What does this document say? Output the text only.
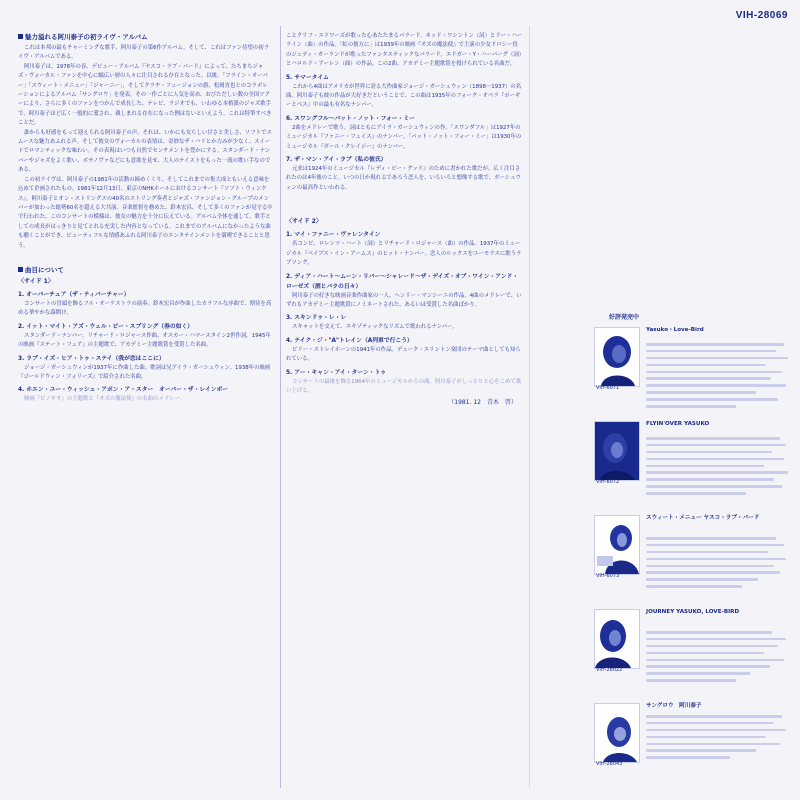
VIH-28069
魅力溢れる阿川泰子の初ライヴ・アルバム

これは本邦の最もチャーミングな歌手、阿川泰子の第6作アルバム。そして、これはファン待望の初ライヴ・アルバムである。

阿川泰子は、1978年の春、デビュー・アルバム『ヤスコ・ラブ・バード』によって、たちまちジャズ・ヴォーカル・ファンを中心に幅広い層の人々に注目される存在となった。以後、「フライン・オーバー」「スウィート・メニュー」「ジャーニー」、そしてクラチ・フュージョンの旗、松岡直也とのコラボレーションによるアルバム「サングロウ」を発表。その一作ごとに人気を高め、おびただしい数の全国ツアーにより、さらに多くのファンをつかんで成長した。テレビ、ラジオでも、いわゆる本格派のジャズ歌手で、阿川泰子ほど広く一般的に愛され、親しまれる存在になった例はないといえよう。これは特筆すべきことだ。

誰からも好感をもって迎えられる阿川泰子の声。それは、いかにも女らしい甘さと美しさ、ソフトでスムースな魅力あふれる声。そして彼女のヴォーカルの表情は、奇妙なザ・ハリとか力みが少なく、スイートでロマンティックな味わい。その表現はいつも自然でセンチメントを豊かにする。スタンダード・ナンバーやジャズをよく歌い、ボサノヴァなどにも意欲を見せ、大人のテイストをもった一流の歌い手なのである。

この初ライヴは、阿川泰子の1981年の活動の締めくくり、そしてこれまでの集大成ともいえる意味を込めて企画されたもの。1981年12月13日、東京のNHKホールにおけるコンサート『ソフト・ウィンクス』。阿川泰子とオン・ストリングスの40名のストリング奏者とジャズ・ファンジョン・グループのメンバーが加わった総勢60名を超える大共演。音楽監督を務めた、鈴木宏昌、そして多くのファンが見守る中で行われた。このコンサートの模様は、彼女の魅力を十分に伝えている。アルバム全体を通して、歌手としての成長がはっきりと見てとれる充実した内容となっている。これまでのアルバムになかったような曲も聴くことができ、ビューティフルな情感あふれる阿川泰子のエンタテインメントを満喫できることと思う。

曲目について
〈サイド 1〉
1. オーバーチュア（ザ・ティパーチャー）

コンサートの冒頭を飾るフル・オーケストラの演奏。鈴木宏昌が作曲したカラフルな序曲で、期待を高める華やかな幕開け。

2. イット・マイト・アズ・ウェル・ビー・スプリング（春の如く）

スタンダード・ナンバー。リチャード・ロジャース作曲、オスカー・ハマースタイン2世作詞。1945年の映画『ステート・フェア』の主題歌で、アカデミー主題歌賞を受賞した名曲。

3. ラブ・イズ・ヒア・トゥ・ステイ（我が恋はここに）

ジョージ・ガーシュウィンが1937年に作曲した曲。歌詞は兄アイラ・ガーシュウィン。1938年の映画『ゴールドウィン・フォリーズ』で紹介された名曲。

4. ホエン・ユー・ウィッシュ・アポン・ア・スター　オーバー・ザ・レインボー

映画『ピノキオ』の主題歌と『オズの魔法使』の名曲のメドレー。

ことクリフ・エドワーズが歌った心あたたまるバラード。ネッド・ワシントン（詞）とリー・ハーライン（曲）の作品。「虹の彼方に」は1939年の映画『オズの魔法使』で主演の少女ドロシー役のジュディ・ガーランドが歌ったファンタスティックなバラード。エドガー・Y・ハーバーグ（詞）とハロルド・アーレン（曲）の作品。この2曲、アカデミー主題歌賞を授けられている名曲だ。

5. サマータイム

これから4曲はアメリカが世界に誇る大作曲家ジョージ・ガーシュウィン（1898〜1937）の名曲。阿川泰子も彼の作品が大好きだということで、この曲は1935年のフォーク・オペラ『ポーギーとベス』中の最も有名なナンバー。

6. スワングフル〜バット・ノット・フォー・ミー

2曲をメドレーで歌う。詞はともにアイラ・ガーシュウィンの作。「スワンダフル」は1927年のミュージカル『ファニー・フェイス』のナンバー。「バット・ノット・フォー・ミー」は1930年のミュージカル『ガール・クレイジー』のナンバー。

7. ザ・マン・アイ・ラブ（私の彼氏）

元来は1924年のミュージカル『レディ・ビー・グッド』のために書かれた歌だが、広く注目されたのは4年後のこと。いつの日か現れるであろう恋人を、いろいろと想像する歌で、ガーシュウィンの最高作といわれる。

〈サイド 2〉
1. マイ・ファニー・ヴァレンタイン

名コンビ、ロレンツ・ハート（詞）とリチャード・ロジャース（曲）の作品。1937年のミュージカル『ベイブス・イン・アームス』のヒット・ナンバー。恋人のルックスをユーモラスに歌うラブソング。

2. ディア・ハート〜ムーン・リバー〜シャレード〜ザ・デイズ・オブ・ワイン・アンド・ローゼズ（酒とバラの日々）

阿川泰子の好きな映画音楽作曲家の一人、ヘンリー・マンシーニの作品。4曲のメドレーで、いずれもアカデミー主題歌賞にノミネートされた、あるいは受賞した名曲ばかり。

3. スキンドゥ・レ・レ

スキャットを交えて、エキゾティックなリズムで歌われるナンバー。

4. テイク・ジ・"A"トレイン（A列車で行こう）

ビリー・ストレイホーンの1941年の作品。デューク・エリントン楽団のテーマ曲としても知られている。

5. アー・キャン・アイ・ターン・トゥ

コンサートの最後を飾る1964年のミュージカルからの曲。阿川泰子がしっとりと心をこめて歌い上げる。

（1981. 12　青木　啓）
好評発売中
VIH-6071
Yasuko・Love-Bird
VIH-6072
FLYIN'OVER YASUKO
VIH-6073
スウィート・メニュー ヤスコ・ラブ・バード
VIH-28022
JOURNEY YASUKO, LOVE-BIRD
VIH-28043
サングロウ　阿川泰子
